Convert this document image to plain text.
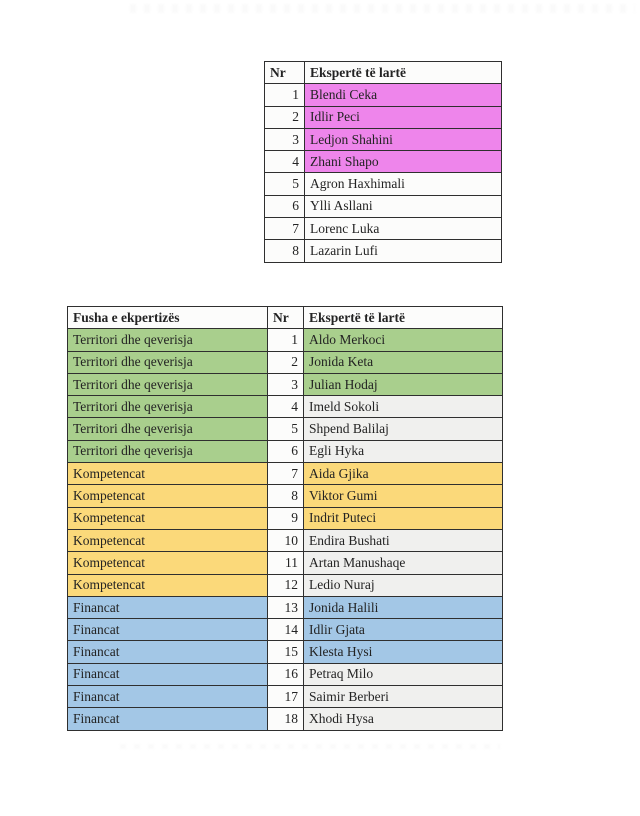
Nr	Ekspertë të lartë
1	Blendi Ceka
2	Idlir Peci
3	Ledjon Shahini
4	Zhani Shapo
5	Agron Haxhimali
6	Ylli Asllani
7	Lorenc Luka
8	Lazarin Lufi
Fusha e ekpertizës	Nr	Ekspertë të lartë
Territori dhe qeverisja	1	Aldo Merkoci
Territori dhe qeverisja	2	Jonida Keta
Territori dhe qeverisja	3	Julian Hodaj
Territori dhe qeverisja	4	Imeld Sokoli
Territori dhe qeverisja	5	Shpend Balilaj
Territori dhe qeverisja	6	Egli Hyka
Kompetencat	7	Aida Gjika
Kompetencat	8	Viktor Gumi
Kompetencat	9	Indrit Puteci
Kompetencat	10	Endira Bushati
Kompetencat	11	Artan Manushaqe
Kompetencat	12	Ledio Nuraj
Financat	13	Jonida Halili
Financat	14	Idlir Gjata
Financat	15	Klesta Hysi
Financat	16	Petraq Milo
Financat	17	Saimir Berberi
Financat	18	Xhodi Hysa
